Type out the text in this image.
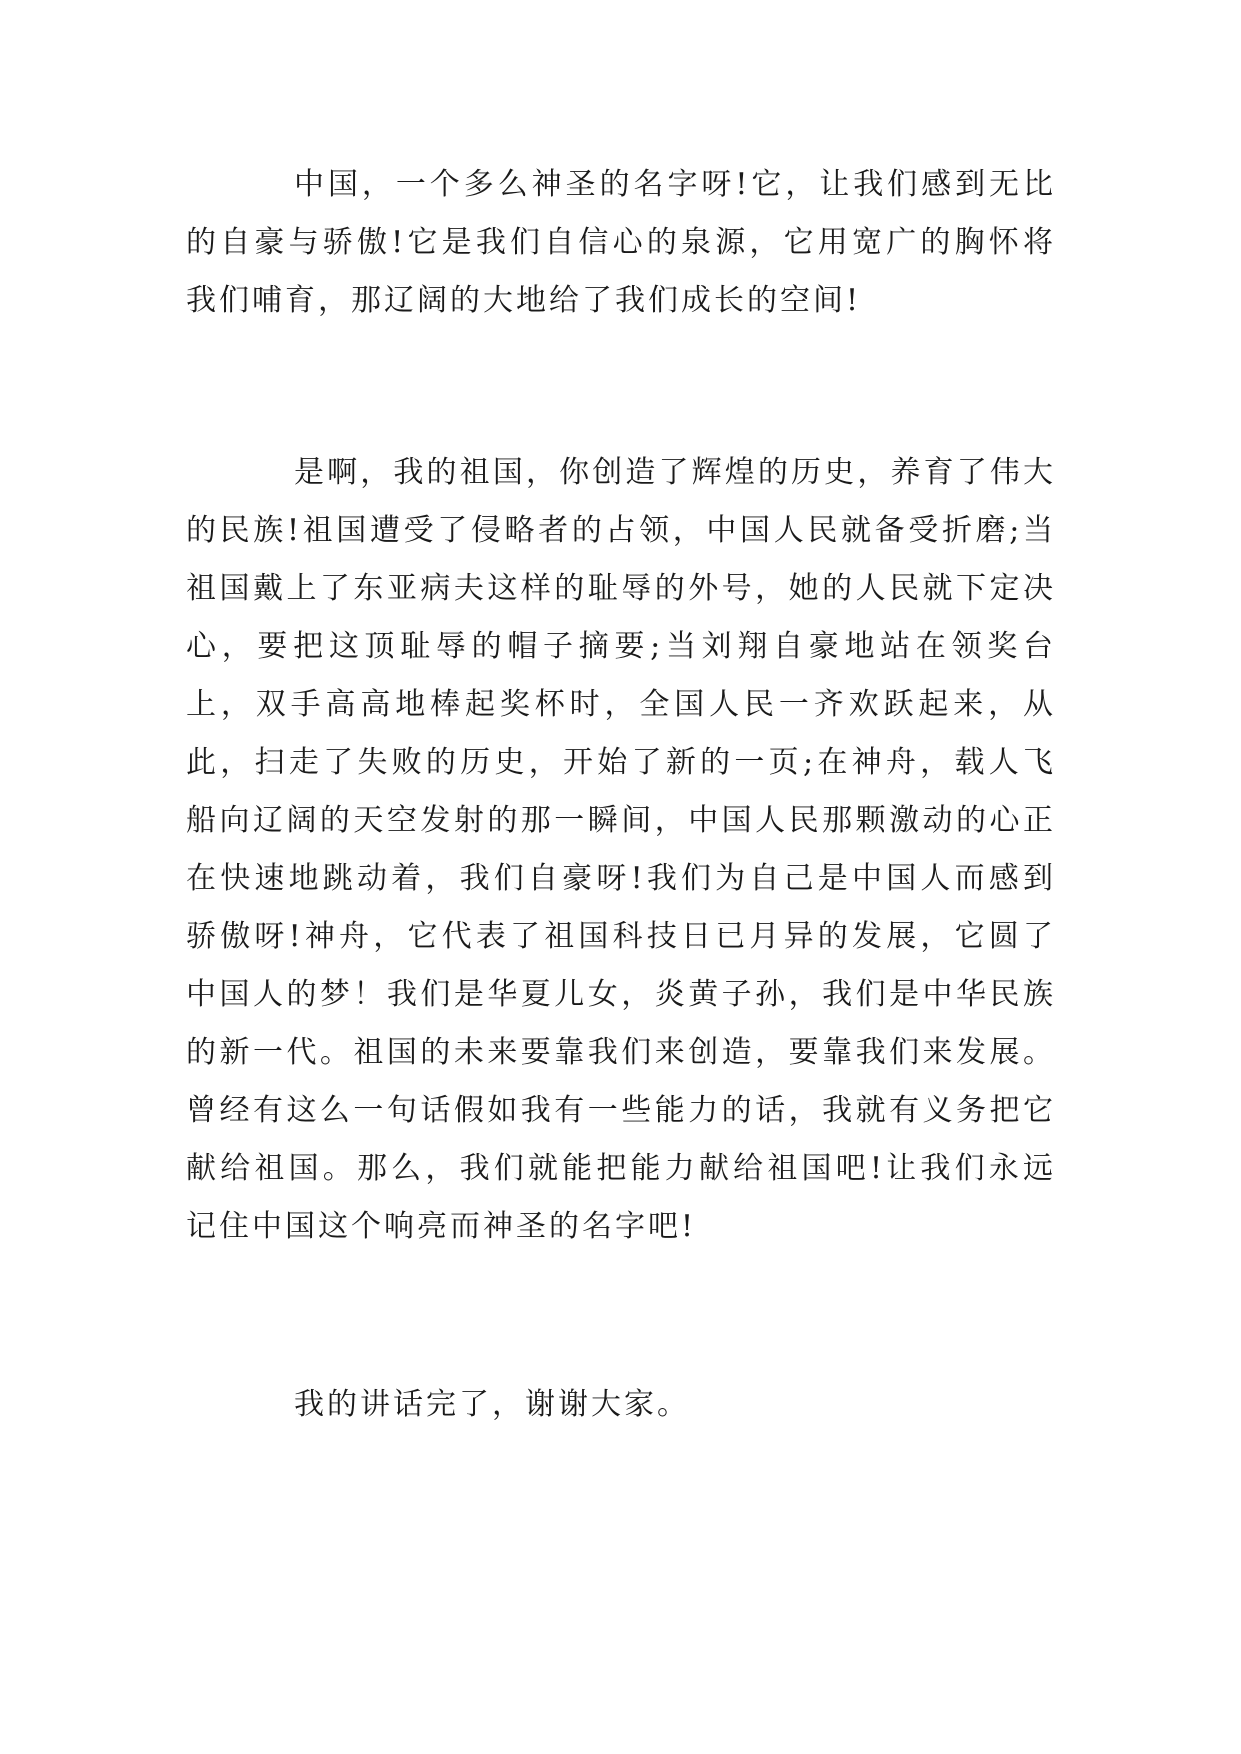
中国，一个多么神圣的名字呀!它，让我们感到无比的自豪与骄傲!它是我们自信心的泉源，它用宽广的胸怀将我们哺育，那辽阔的大地给了我们成长的空间!

是啊，我的祖国，你创造了辉煌的历史，养育了伟大的民族!祖国遭受了侵略者的占领，中国人民就备受折磨;当祖国戴上了东亚病夫这样的耻辱的外号，她的人民就下定决心，要把这顶耻辱的帽子摘要;当刘翔自豪地站在领奖台上，双手高高地棒起奖杯时，全国人民一齐欢跃起来，从此，扫走了失败的历史，开始了新的一页;在神舟，载人飞船向辽阔的天空发射的那一瞬间，中国人民那颗激动的心正在快速地跳动着，我们自豪呀!我们为自己是中国人而感到骄傲呀!神舟，它代表了祖国科技日已月异的发展，它圆了中国人的梦！我们是华夏儿女，炎黄子孙，我们是中华民族的新一代。祖国的未来要靠我们来创造，要靠我们来发展。曾经有这么一句话假如我有一些能力的话，我就有义务把它献给祖国。那么，我们就能把能力献给祖国吧!让我们永远记住中国这个响亮而神圣的名字吧!

我的讲话完了，谢谢大家。
